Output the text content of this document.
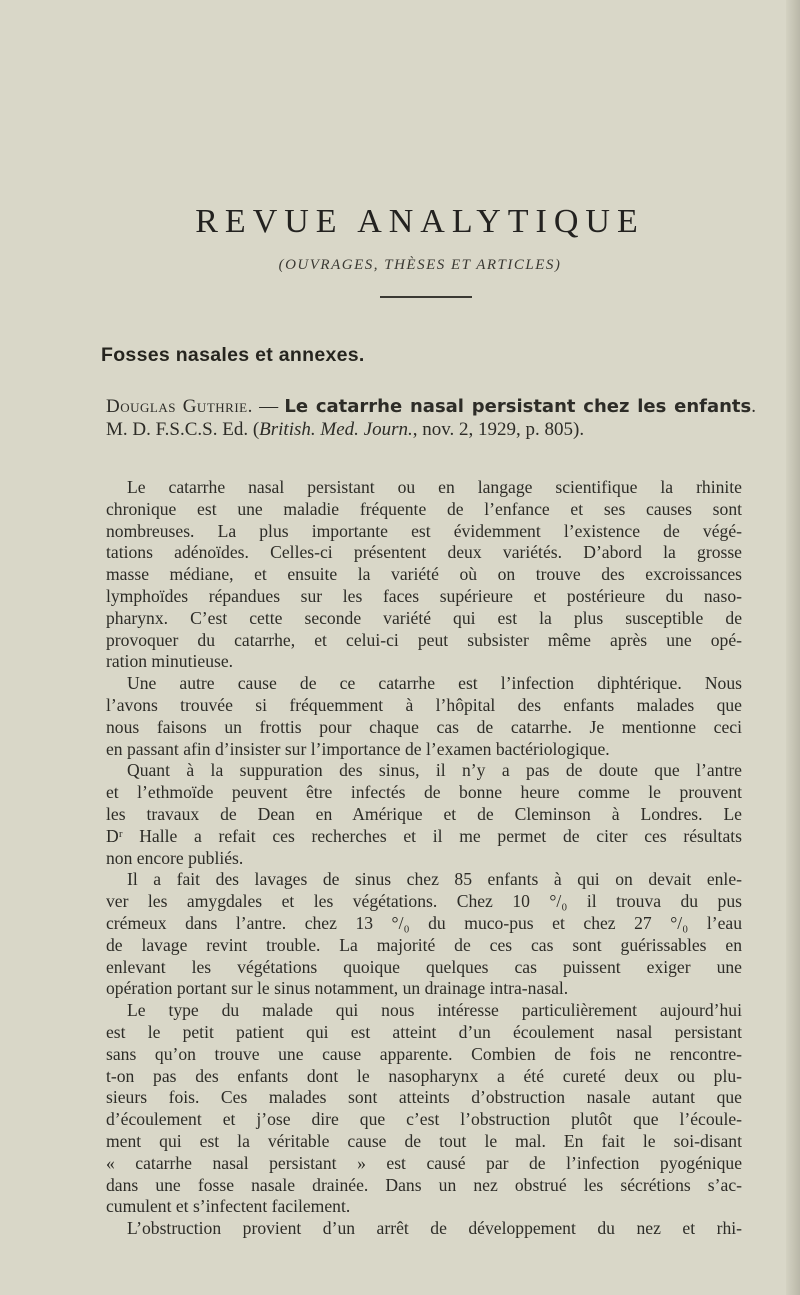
REVUE ANALYTIQUE
(OUVRAGES, THÈSES ET ARTICLES)
Fosses nasales et annexes.
Douglas Guthrie. — Le catarrhe nasal persistant chez les enfants. M. D. F.S.C.S. Ed. (British. Med. Journ., nov. 2, 1929, p. 805).
Le catarrhe nasal persistant ou en langage scientifique la rhinite
chronique est une maladie fréquente de l’enfance et ses causes sont
nombreuses. La plus importante est évidemment l’existence de végé-
tations adénoïdes. Celles-ci présentent deux variétés. D’abord la grosse
masse médiane, et ensuite la variété où on trouve des excroissances
lymphoïdes répandues sur les faces supérieure et postérieure du naso-
pharynx. C’est cette seconde variété qui est la plus susceptible de
provoquer du catarrhe, et celui-ci peut subsister même après une opé-
ration minutieuse.
Une autre cause de ce catarrhe est l’infection diphtérique. Nous
l’avons trouvée si fréquemment à l’hôpital des enfants malades que
nous faisons un frottis pour chaque cas de catarrhe. Je mentionne ceci
en passant afin d’insister sur l’importance de l’examen bactériologique.
Quant à la suppuration des sinus, il n’y a pas de doute que l’antre
et l’ethmoïde peuvent être infectés de bonne heure comme le prouvent
les travaux de Dean en Amérique et de Cleminson à Londres. Le
Dʳ Halle a refait ces recherches et il me permet de citer ces résultats
non encore publiés.
Il a fait des lavages de sinus chez 85 enfants à qui on devait enle-
ver les amygdales et les végétations. Chez 10 °/₀ il trouva du pus
crémeux dans l’antre. chez 13 °/₀ du muco-pus et chez 27 °/₀ l’eau
de lavage revint trouble. La majorité de ces cas sont guérissables en
enlevant les végétations quoique quelques cas puissent exiger une
opération portant sur le sinus notamment, un drainage intra-nasal.
Le type du malade qui nous intéresse particulièrement aujourd’hui
est le petit patient qui est atteint d’un écoulement nasal persistant
sans qu’on trouve une cause apparente. Combien de fois ne rencontre-
t-on pas des enfants dont le nasopharynx a été cureté deux ou plu-
sieurs fois. Ces malades sont atteints d’obstruction nasale autant que
d’écoulement et j’ose dire que c’est l’obstruction plutôt que l’écoule-
ment qui est la véritable cause de tout le mal. En fait le soi-disant
« catarrhe nasal persistant » est causé par de l’infection pyogénique
dans une fosse nasale drainée. Dans un nez obstrué les sécrétions s’ac-
cumulent et s’infectent facilement.
L’obstruction provient d’un arrêt de développement du nez et rhi-
